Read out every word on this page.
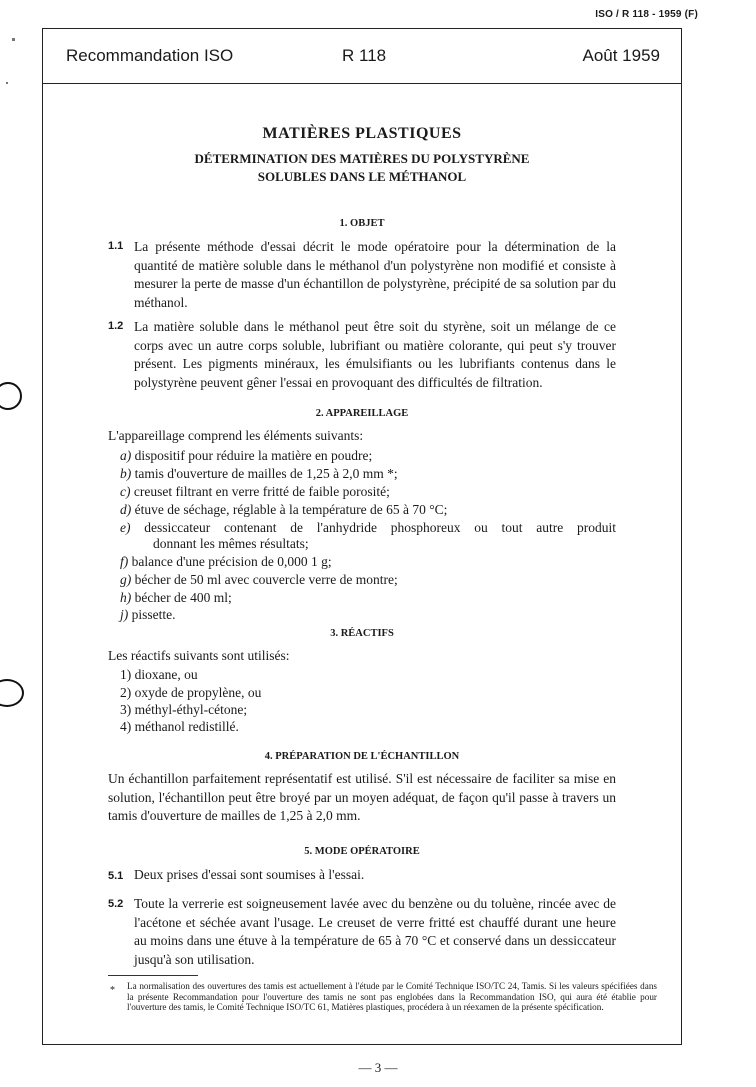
ISO / R 118 - 1959 (F)
Recommandation ISO	R 118	Août 1959
MATIÈRES PLASTIQUES
DÉTERMINATION DES MATIÈRES DU POLYSTYRÈNE
SOLUBLES DANS LE MÉTHANOL
1. OBJET
1.1 La présente méthode d'essai décrit le mode opératoire pour la détermination de la quantité de matière soluble dans le méthanol d'un polystyrène non modifié et consiste à mesurer la perte de masse d'un échantillon de polystyrène, précipité de sa solution par du méthanol.
1.2 La matière soluble dans le méthanol peut être soit du styrène, soit un mélange de ce corps avec un autre corps soluble, lubrifiant ou matière colorante, qui peut s'y trouver présent. Les pigments minéraux, les émulsifiants ou les lubrifiants contenus dans le polystyrène peuvent gêner l'essai en provoquant des difficultés de filtration.
2. APPAREILLAGE
L'appareillage comprend les éléments suivants:
a) dispositif pour réduire la matière en poudre;
b) tamis d'ouverture de mailles de 1,25 à 2,0 mm *;
c) creuset filtrant en verre fritté de faible porosité;
d) étuve de séchage, réglable à la température de 65 à 70 °C;
e) dessiccateur contenant de l'anhydride phosphoreux ou tout autre produit
donnant les mêmes résultats;
f) balance d'une précision de 0,000 1 g;
g) bécher de 50 ml avec couvercle verre de montre;
h) bécher de 400 ml;
j) pissette.
3. RÉACTIFS
Les réactifs suivants sont utilisés:
1) dioxane, ou
2) oxyde de propylène, ou
3) méthyl-éthyl-cétone;
4) méthanol redistillé.
4. PRÉPARATION DE L'ÉCHANTILLON
Un échantillon parfaitement représentatif est utilisé. S'il est nécessaire de faciliter sa mise en solution, l'échantillon peut être broyé par un moyen adéquat, de façon qu'il passe à travers un tamis d'ouverture de mailles de 1,25 à 2,0 mm.
5. MODE OPÉRATOIRE
5.1 Deux prises d'essai sont soumises à l'essai.
5.2 Toute la verrerie est soigneusement lavée avec du benzène ou du toluène, rincée avec de l'acétone et séchée avant l'usage. Le creuset de verre fritté est chauffé durant une heure au moins dans une étuve à la température de 65 à 70 °C et conservé dans un dessiccateur jusqu'à son utilisation.
* La normalisation des ouvertures des tamis est actuellement à l'étude par le Comité Technique ISO/TC 24, Tamis. Si les valeurs spécifiées dans la présente Recommandation pour l'ouverture des tamis ne sont pas englobées dans la Recommandation ISO, qui aura été établie pour l'ouverture des tamis, le Comité Technique ISO/TC 61, Matières plastiques, procédera à un réexamen de la présente spécification.
— 3 —
